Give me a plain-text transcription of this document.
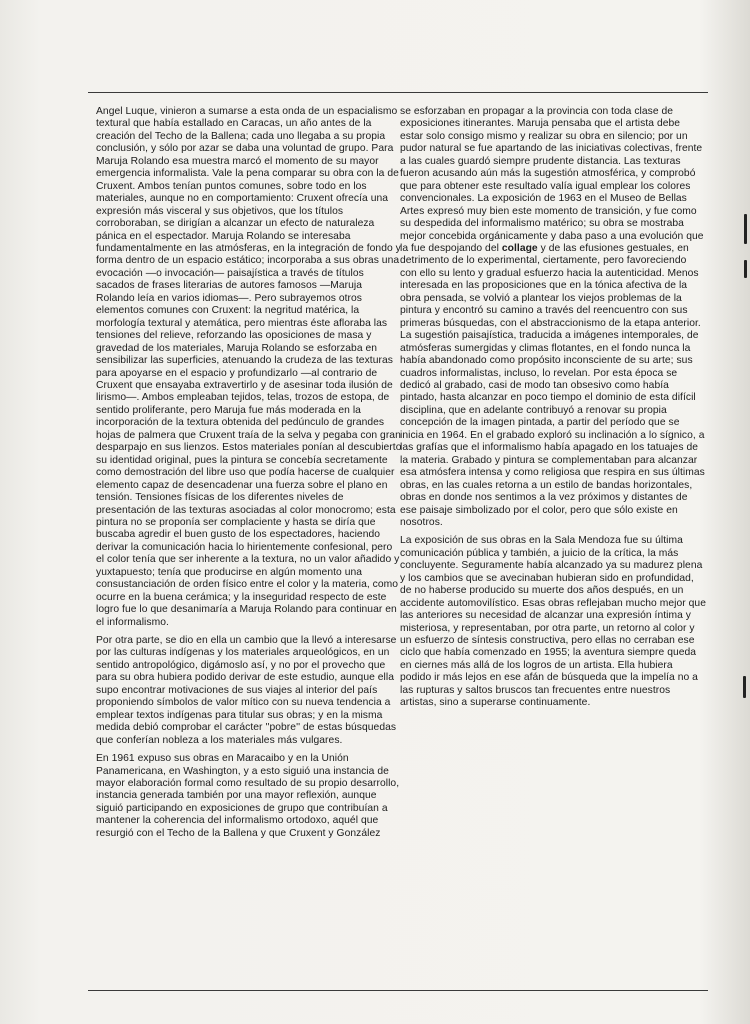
Angel Luque, vinieron a sumarse a esta onda de un espacialismo textural que había estallado en Caracas, un año antes de la creación del Techo de la Ballena; cada uno llegaba a su propia conclusión, y sólo por azar se daba una voluntad de grupo. Para Maruja Rolando esa muestra marcó el momento de su mayor emergencia informalista. Vale la pena comparar su obra con la de Cruxent. Ambos tenían puntos comunes, sobre todo en los materiales, aunque no en comportamiento: Cruxent ofrecía una expresión más visceral y sus objetivos, que los títulos corroboraban, se dirigían a alcanzar un efecto de naturaleza pánica en el espectador. Maruja Rolando se interesaba fundamentalmente en las atmósferas, en la integración de fondo y forma dentro de un espacio estático; incorporaba a sus obras una evocación —o invocación— paisajística a través de títulos sacados de frases literarias de autores famosos —Maruja Rolando leía en varios idiomas—. Pero subrayemos otros elementos comunes con Cruxent: la negritud matérica, la morfología textural y atemática, pero mientras éste afloraba las tensiones del relieve, reforzando las oposiciones de masa y gravedad de los materiales, Maruja Rolando se esforzaba en sensibilizar las superficies, atenuando la crudeza de las texturas para apoyarse en el espacio y profundizarlo —al contrario de Cruxent que ensayaba extravertirlo y de asesinar toda ilusión de lirismo—. Ambos empleaban tejidos, telas, trozos de estopa, de sentido proliferante, pero Maruja fue más moderada en la incorporación de la textura obtenida del pedúnculo de grandes hojas de palmera que Cruxent traía de la selva y pegaba con gran desparpajo en sus lienzos. Estos materiales ponían al descubierto su identidad original, pues la pintura se concebía secretamente como demostración del libre uso que podía hacerse de cualquier elemento capaz de desencadenar una fuerza sobre el plano en tensión. Tensiones físicas de los diferentes niveles de presentación de las texturas asociadas al color monocromo; esta pintura no se proponía ser complaciente y hasta se diría que buscaba agredir el buen gusto de los espectadores, haciendo derivar la comunicación hacia lo hirientemente confesional, pero el color tenía que ser inherente a la textura, no un valor añadido y yuxtapuesto; tenía que producirse en algún momento una consustanciación de orden físico entre el color y la materia, como ocurre en la buena cerámica; y la inseguridad respecto de este logro fue lo que desanimaría a Maruja Rolando para continuar en el informalismo.

Por otra parte, se dio en ella un cambio que la llevó a interesarse por las culturas indígenas y los materiales arqueológicos, en un sentido antropológico, digámoslo así, y no por el provecho que para su obra hubiera podido derivar de este estudio, aunque ella supo encontrar motivaciones de sus viajes al interior del país proponiendo símbolos de valor mítico con su nueva tendencia a emplear textos indígenas para titular sus obras; y en la misma medida debió comprobar el carácter ''pobre'' de estas búsquedas que conferían nobleza a los materiales más vulgares.

En 1961 expuso sus obras en Maracaibo y en la Unión Panamericana, en Washington, y a esto siguió una instancia de mayor elaboración formal como resultado de su propio desarrollo, instancia generada también por una mayor reflexión, aunque siguió participando en exposiciones de grupo que contribuían a mantener la coherencia del informalismo ortodoxo, aquél que resurgió con el Techo de la Ballena y que Cruxent y González

se esforzaban en propagar a la provincia con toda clase de exposiciones itinerantes. Maruja pensaba que el artista debe estar solo consigo mismo y realizar su obra en silencio; por un pudor natural se fue apartando de las iniciativas colectivas, frente a las cuales guardó siempre prudente distancia. Las texturas fueron acusando aún más la sugestión atmosférica, y comprobó que para obtener este resultado valía igual emplear los colores convencionales. La exposición de 1963 en el Museo de Bellas Artes expresó muy bien este momento de transición, y fue como su despedida del informalismo matérico; su obra se mostraba mejor concebida orgánicamente y daba paso a una evolución que la fue despojando del collage y de las efusiones gestuales, en detrimento de lo experimental, ciertamente, pero favoreciendo con ello su lento y gradual esfuerzo hacia la autenticidad. Menos interesada en las proposiciones que en la tónica afectiva de la obra pensada, se volvió a plantear los viejos problemas de la pintura y encontró su camino a través del reencuentro con sus primeras búsquedas, con el abstraccionismo de la etapa anterior. La sugestión paisajística, traducida a imágenes intemporales, de atmósferas sumergidas y climas flotantes, en el fondo nunca la había abandonado como propósito inconsciente de su arte; sus cuadros informalistas, incluso, lo revelan. Por esta época se dedicó al grabado, casi de modo tan obsesivo como había pintado, hasta alcanzar en poco tiempo el dominio de esta difícil disciplina, que en adelante contribuyó a renovar su propia concepción de la imagen pintada, a partir del período que se inicia en 1964. En el grabado exploró su inclinación a lo sígnico, a las grafías que el informalismo había apagado en los tatuajes de la materia. Grabado y pintura se complementaban para alcanzar esa atmósfera intensa y como religiosa que respira en sus últimas obras, en las cuales retorna a un estilo de bandas horizontales, obras en donde nos sentimos a la vez próximos y distantes de ese paisaje simbolizado por el color, pero que sólo existe en nosotros.

La exposición de sus obras en la Sala Mendoza fue su última comunicación pública y también, a juicio de la crítica, la más concluyente. Seguramente había alcanzado ya su madurez plena y los cambios que se avecinaban hubieran sido en profundidad, de no haberse producido su muerte dos años después, en un accidente automovilístico. Esas obras reflejaban mucho mejor que las anteriores su necesidad de alcanzar una expresión íntima y misteriosa, y representaban, por otra parte, un retorno al color y un esfuerzo de síntesis constructiva, pero ellas no cerraban ese ciclo que había comenzado en 1955; la aventura siempre queda en ciernes más allá de los logros de un artista. Ella hubiera podido ir más lejos en ese afán de búsqueda que la impelía no a las rupturas y saltos bruscos tan frecuentes entre nuestros artistas, sino a superarse continuamente.
